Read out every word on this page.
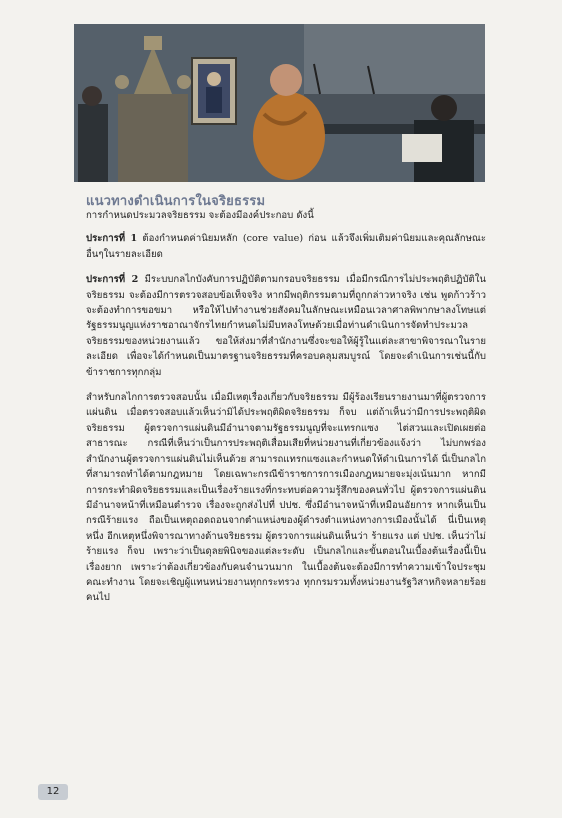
แนวทางดำเนินการในจริยธรรม

การกำหนดประมวลจริยธรรม จะต้องมีองค์ประกอบ ดังนี้

ประการที่ 1 ต้องกำหนดค่านิยมหลัก (core value) ก่อน แล้วจึงเพิ่มเติมค่านิยมและคุณลักษณะอื่นๆในรายละเอียด

ประการที่ 2 มีระบบกลไกบังคับการปฏิบัติตามกรอบจริยธรรม เมื่อมีกรณีการไม่ประพฤติปฏิบัติในจริยธรรม จะต้องมีการตรวจสอบข้อเท็จจริง หากมีพฤติกรรมตามที่ถูกกล่าวหาจริง เช่น พูดก้าวร้าว จะต้องทำการขอขมา หรือให้ไปทำงานช่วยสังคมในลักษณะเหมือนเวลาศาลพิพากษาลงโทษแต่รัฐธรรมนูญแห่งราชอาณาจักรไทยกำหนดไม่มีบทลงโทษด้วยเมื่อท่านดำเนินการจัดทำประมวลจริยธรรมของหน่วยงานแล้ว ขอให้ส่งมาที่สำนักงานซึ่งจะขอให้ผู้รู้ในแต่ละสาขาพิจารณาในรายละเอียด เพื่อจะได้กำหนดเป็นมาตรฐานจริยธรรมที่ครอบคลุมสมบูรณ์ โดยจะดำเนินการเช่นนี้กับข้าราชการทุกกลุ่ม

สำหรับกลไกการตรวจสอบนั้น เมื่อมีเหตุเรื่องเกี่ยวกับจริยธรรม มีผู้ร้องเรียนรายงานมาที่ผู้ตรวจการแผ่นดิน เมื่อตรวจสอบแล้วเห็นว่ามิได้ประพฤติผิดจริยธรรม ก็จบ แต่ถ้าเห็นว่ามีการประพฤติผิดจริยธรรม ผู้ตรวจการแผ่นดินมีอำนาจตามรัฐธรรมนูญที่จะแทรกแซง ไต่สวนและเปิดเผยต่อสาธารณะ กรณีที่เห็นว่าเป็นการประพฤติเสื่อมเสียที่หน่วยงานที่เกี่ยวข้องแจ้งว่า ไม่บกพร่อง สำนักงานผู้ตรวจการแผ่นดินไม่เห็นด้วย สามารถแทรกแซงและกำหนดให้ดำเนินการได้ นี่เป็นกลไกที่สามารถทำได้ตามกฎหมาย โดยเฉพาะกรณีข้าราชการการเมืองกฎหมายจะมุ่งเน้นมาก หากมีการกระทำผิดจริยธรรมและเป็นเรื่องร้ายแรงที่กระทบต่อความรู้สึกของคนทั่วไป ผู้ตรวจการแผ่นดินมีอำนาจหน้าที่เหมือนตำรวจ เรื่องจะถูกส่งไปที่ ปปช. ซึ่งมีอำนาจหน้าที่เหมือนอัยการ หากเห็นเป็นกรณีร้ายแรง ถือเป็นเหตุถอดถอนจากตำแหน่งของผู้ดำรงตำแหน่งทางการเมืองนั้นได้ นี่เป็นเหตุหนึ่ง อีกเหตุหนึ่งพิจารณาทางด้านจริยธรรม ผู้ตรวจการแผ่นดินเห็นว่า ร้ายแรง แต่ ปปช. เห็นว่าไม่ร้ายแรง ก็จบ เพราะว่าเป็นดุลยพินิจของแต่ละระดับ เป็นกลไกและขั้นตอนในเบื้องต้นเรื่องนี้เป็นเรื่องยาก เพราะว่าต้องเกี่ยวข้องกับคนจำนวนมาก ในเบื้องต้นจะต้องมีการทำความเข้าใจประชุมคณะทำงาน โดยจะเชิญผู้แทนหน่วยงานทุกกระทรวง ทุกกรมรวมทั้งหน่วยงานรัฐวิสาหกิจหลายร้อยคนไป

12
